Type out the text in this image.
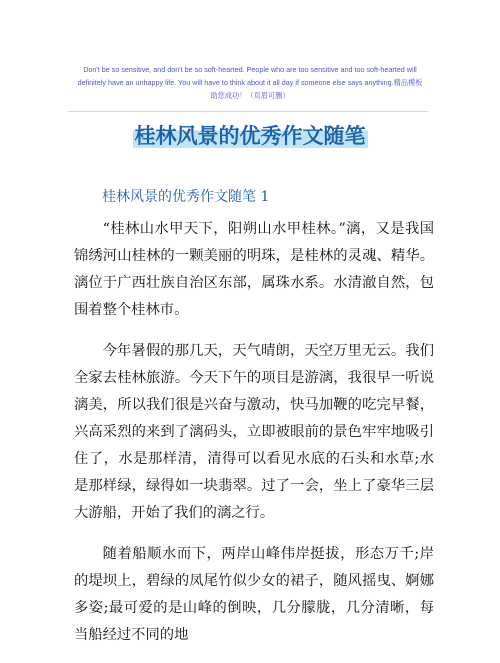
Don't be so sensitive, and don't be so soft-hearted. People who are too sensitive and too soft-hearted will
definitely have an unhappy life. You will have to think about it all day if someone else says anything.精品模板
助您成功！（页眉可删）
桂林风景的优秀作文随笔
桂林风景的优秀作文随笔 1

“桂林山水甲天下，阳朔山水甲桂林。”漓，又是我国锦绣河山桂林的一颗美丽的明珠，是桂林的灵魂、精华。漓位于广西壮族自治区东部，属珠水系。水清澈自然，包围着整个桂林市。

今年暑假的那几天，天气晴朗，天空万里无云。我们全家去桂林旅游。今天下午的项目是游漓，我很早一听说漓美，所以我们很是兴奋与激动，快马加鞭的吃完早餐，兴高采烈的来到了漓码头，立即被眼前的景色牢牢地吸引住了，水是那样清，清得可以看见水底的石头和水草;水是那样绿，绿得如一块翡翠。过了一会，坐上了豪华三层大游船，开始了我们的漓之行。

随着船顺水而下，两岸山峰伟岸挺拔，形态万千;岸的堤坝上，碧绿的凤尾竹似少女的裙子，随风摇曳、婀娜多姿;最可爱的是山峰的倒映，几分朦胧，几分清晰，每当船经过不同的地
